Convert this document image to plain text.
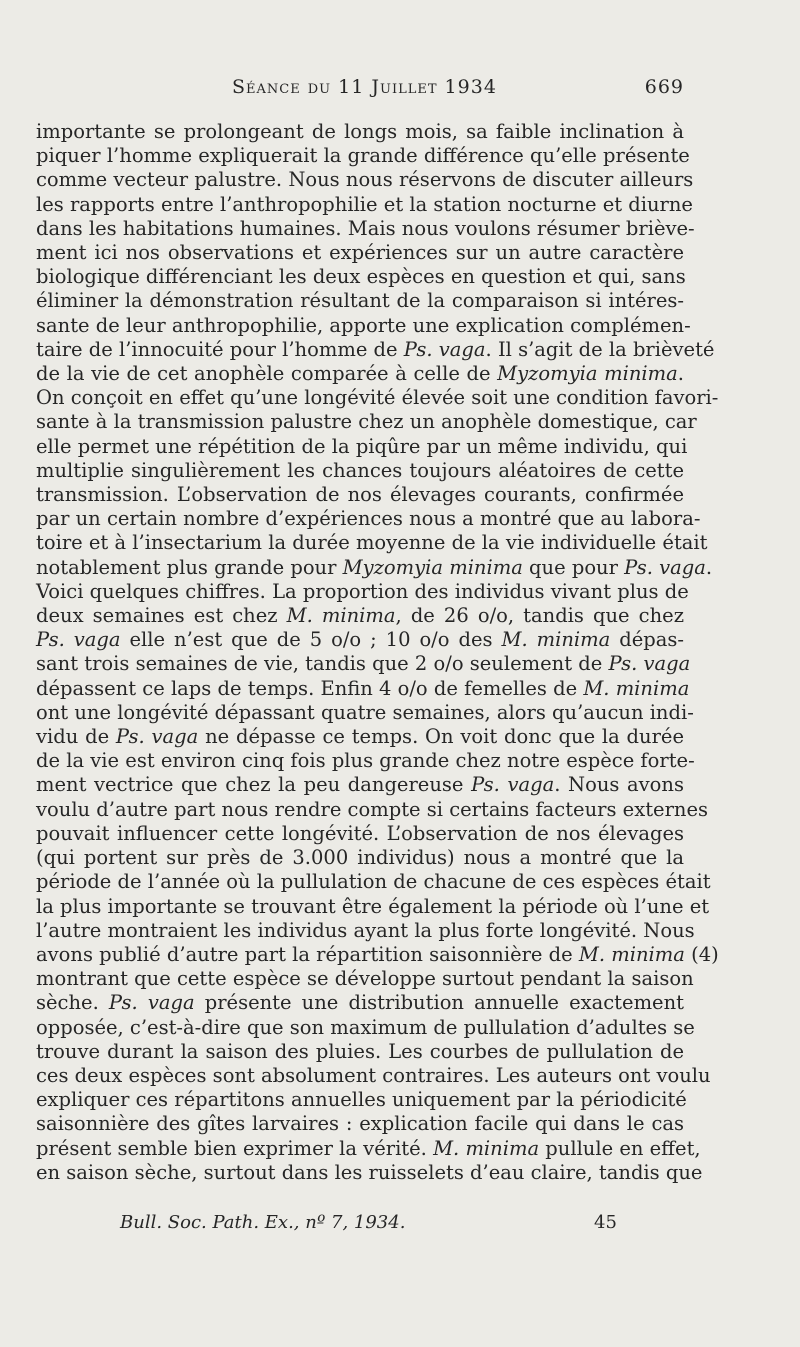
Séance du 11 Juillet 1934	669
importante se prolongeant de longs mois, sa faible inclination à
piquer l’homme expliquerait la grande différence qu’elle présente
comme vecteur palustre. Nous nous réservons de discuter ailleurs
les rapports entre l’anthropophilie et la station nocturne et diurne
dans les habitations humaines. Mais nous voulons résumer briève-
ment ici nos observations et expériences sur un autre caractère
biologique différenciant les deux espèces en question et qui, sans
éliminer la démonstration résultant de la comparaison si intéres-
sante de leur anthropophilie, apporte une explication complémen-
taire de l’innocuité pour l’homme de Ps. vaga. Il s’agit de la brièveté
de la vie de cet anophèle comparée à celle de Myzomyia minima.
On conçoit en effet qu’une longévité élevée soit une condition favori-
sante à la transmission palustre chez un anophèle domestique, car
elle permet une répétition de la piqûre par un même individu, qui
multiplie singulièrement les chances toujours aléatoires de cette
transmission. L’observation de nos élevages courants, confirmée
par un certain nombre d’expériences nous a montré que au labora-
toire et à l’insectarium la durée moyenne de la vie individuelle était
notablement plus grande pour Myzomyia minima que pour Ps. vaga.
Voici quelques chiffres. La proportion des individus vivant plus de
deux semaines est chez M. minima, de 26 o/o, tandis que chez
Ps. vaga elle n’est que de 5 o/o ; 10 o/o des M. minima dépas-
sant trois semaines de vie, tandis que 2 o/o seulement de Ps. vaga
dépassent ce laps de temps. Enfin 4 o/o de femelles de M. minima
ont une longévité dépassant quatre semaines, alors qu’aucun indi-
vidu de Ps. vaga ne dépasse ce temps. On voit donc que la durée
de la vie est environ cinq fois plus grande chez notre espèce forte-
ment vectrice que chez la peu dangereuse Ps. vaga. Nous avons
voulu d’autre part nous rendre compte si certains facteurs externes
pouvait influencer cette longévité. L’observation de nos élevages
(qui portent sur près de 3.000 individus) nous a montré que la
période de l’année où la pullulation de chacune de ces espèces était
la plus importante se trouvant être également la période où l’une et
l’autre montraient les individus ayant la plus forte longévité. Nous
avons publié d’autre part la répartition saisonnière de M. minima (4)
montrant que cette espèce se développe surtout pendant la saison
sèche. Ps. vaga présente une distribution annuelle exactement
opposée, c’est-à-dire que son maximum de pullulation d’adultes se
trouve durant la saison des pluies. Les courbes de pullulation de
ces deux espèces sont absolument contraires. Les auteurs ont voulu
expliquer ces répartitons annuelles uniquement par la périodicité
saisonnière des gîtes larvaires : explication facile qui dans le cas
présent semble bien exprimer la vérité. M. minima pullule en effet,
en saison sèche, surtout dans les ruisselets d’eau claire, tandis que
Bull. Soc. Path. Ex., nº 7, 1934.	45
